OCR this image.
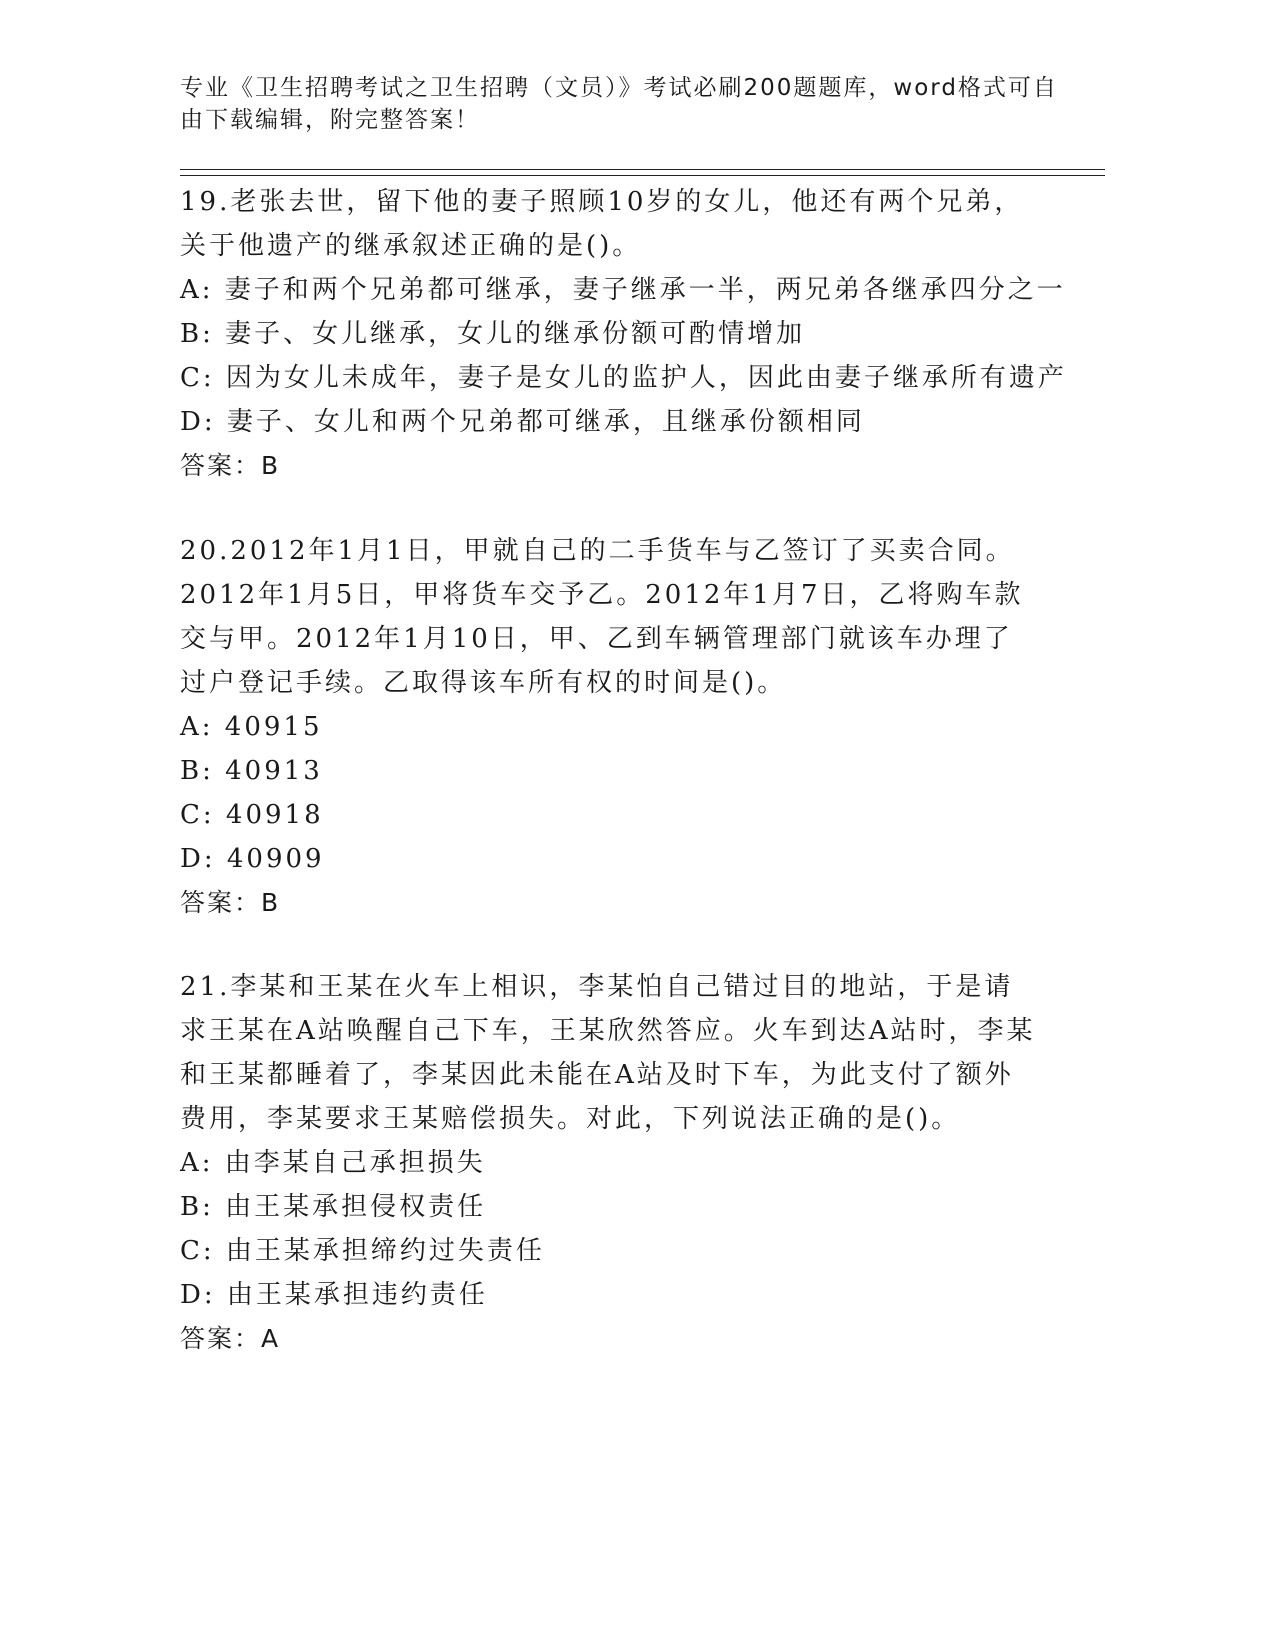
专业《卫生招聘考试之卫生招聘（文员）》考试必刷200题题库，word格式可自由下载编辑，附完整答案！
19.老张去世，留下他的妻子照顾10岁的女儿，他还有两个兄弟，关于他遗产的继承叙述正确的是()。
A: 妻子和两个兄弟都可继承，妻子继承一半，两兄弟各继承四分之一
B: 妻子、女儿继承，女儿的继承份额可酌情增加
C: 因为女儿未成年，妻子是女儿的监护人，因此由妻子继承所有遗产
D: 妻子、女儿和两个兄弟都可继承，且继承份额相同
答案：B
20.2012年1月1日，甲就自己的二手货车与乙签订了买卖合同。2012年1月5日，甲将货车交予乙。2012年1月7日，乙将购车款交与甲。2012年1月10日，甲、乙到车辆管理部门就该车办理了过户登记手续。乙取得该车所有权的时间是()。
A: 40915
B: 40913
C: 40918
D: 40909
答案：B
21.李某和王某在火车上相识，李某怕自己错过目的地站，于是请求王某在A站唤醒自己下车，王某欣然答应。火车到达A站时，李某和王某都睡着了，李某因此未能在A站及时下车，为此支付了额外费用，李某要求王某赔偿损失。对此，下列说法正确的是()。
A: 由李某自己承担损失
B: 由王某承担侵权责任
C: 由王某承担缔约过失责任
D: 由王某承担违约责任
答案：A
